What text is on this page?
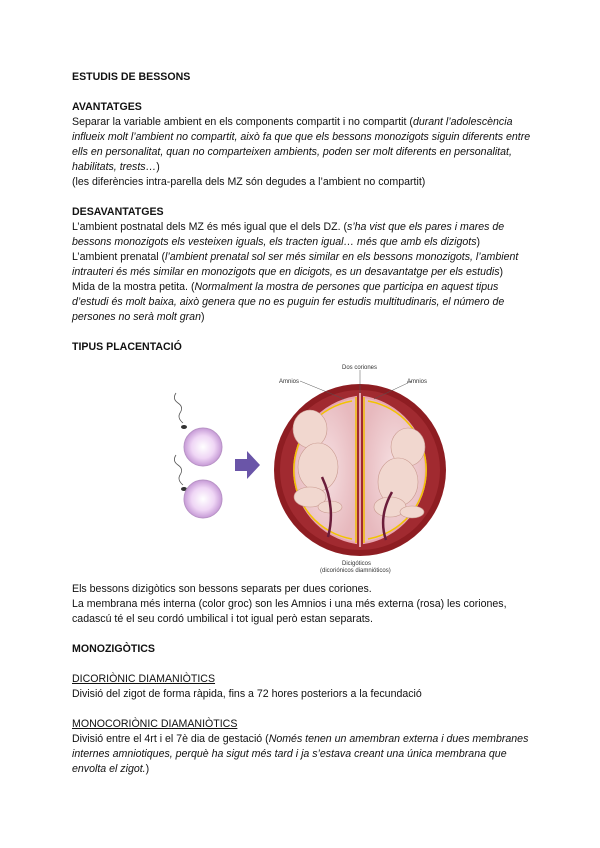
ESTUDIS DE BESSONS

AVANTATGES

Separar la variable ambient en els components compartit i no compartit (durant l’adolescència influeix molt l’ambient no compartit, això fa que que els bessons monozigots siguin diferents entre ells en personalitat, quan no comparteixen ambients, poden ser molt diferents en personalitat, habilitats, trests…)

(les diferències intra-parella dels MZ són degudes a l’ambient no compartit)

DESAVANTATGES

L’ambient postnatal dels MZ és més igual que el dels DZ. (s’ha vist que els pares i mares de bessons monozigots els vesteixen iguals, els tracten igual… més que amb els dizigots)

L’ambient prenatal (l’ambient prenatal sol ser més similar en els bessons monozigots, l’ambient intrauteri és més similar en monozigots que en dicigots, es un desavantatge per els estudis)

Mida de la mostra petita. (Normalment la mostra de persones que participa en aquest tipus d’estudi és molt baixa, això genera que no es puguin fer estudis multitudinaris, el número de persones no serà molt gran)

TIPUS PLACENTACIÓ

Dos coriones
Amnios	Amnios
Dicigóticos
(dicoriónicos diamnióticos)

Els bessons dizigòtics son bessons separats per dues coriones.

La membrana més interna (color groc) son les Amnios i una més externa (rosa) les coriones, cadascú té el seu cordó umbilical i tot igual però estan separats.

MONOZIGÒTICS

DICORIÒNIC DIAMANIÒTICS

Divisió del zigot de forma ràpida, fins a 72 hores posteriors a la fecundació

MONOCORIÒNIC DIAMANIÒTICS

Divisió entre el 4rt i el 7è dia de gestació (Només tenen un amembran externa i dues membranes internes amniotiques, perquè ha sigut més tard i ja s’estava creant una única membrana que envolta el zigot.)
